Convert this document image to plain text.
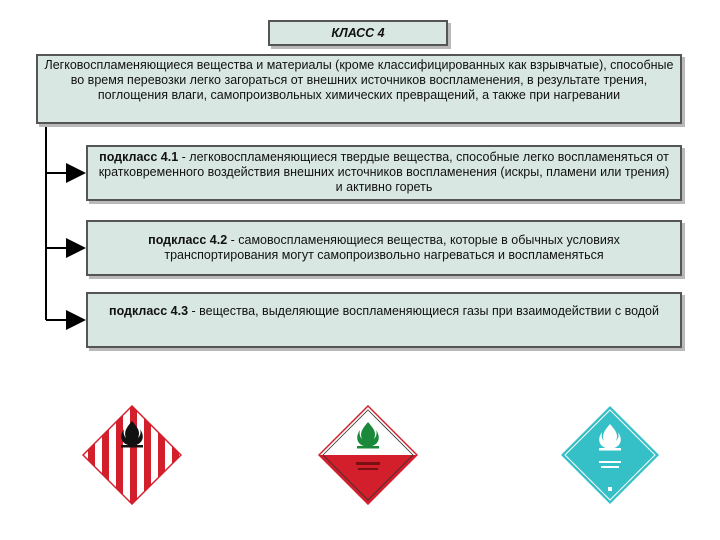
КЛАСС 4
Легковоспламеняющиеся вещества и материалы (кроме классифицированных как взрывчатые), способные во время перевозки легко загораться от внешних источников воспламенения, в результате трения, поглощения влаги, самопроизвольных химических превращений, а также при нагревании
подкласс 4.1 - легковоспламеняющиеся твердые вещества, способные легко воспламеняться от кратковременного воздействия внешних источников воспламенения (искры, пламени или трения) и активно гореть
подкласс 4.2 - самовоспламеняющиеся вещества, которые в обычных условиях транспортирования могут самопроизвольно нагреваться и воспламеняться
подкласс 4.3 - вещества, выделяющие воспламеняющиеся газы при взаимодействии с водой
